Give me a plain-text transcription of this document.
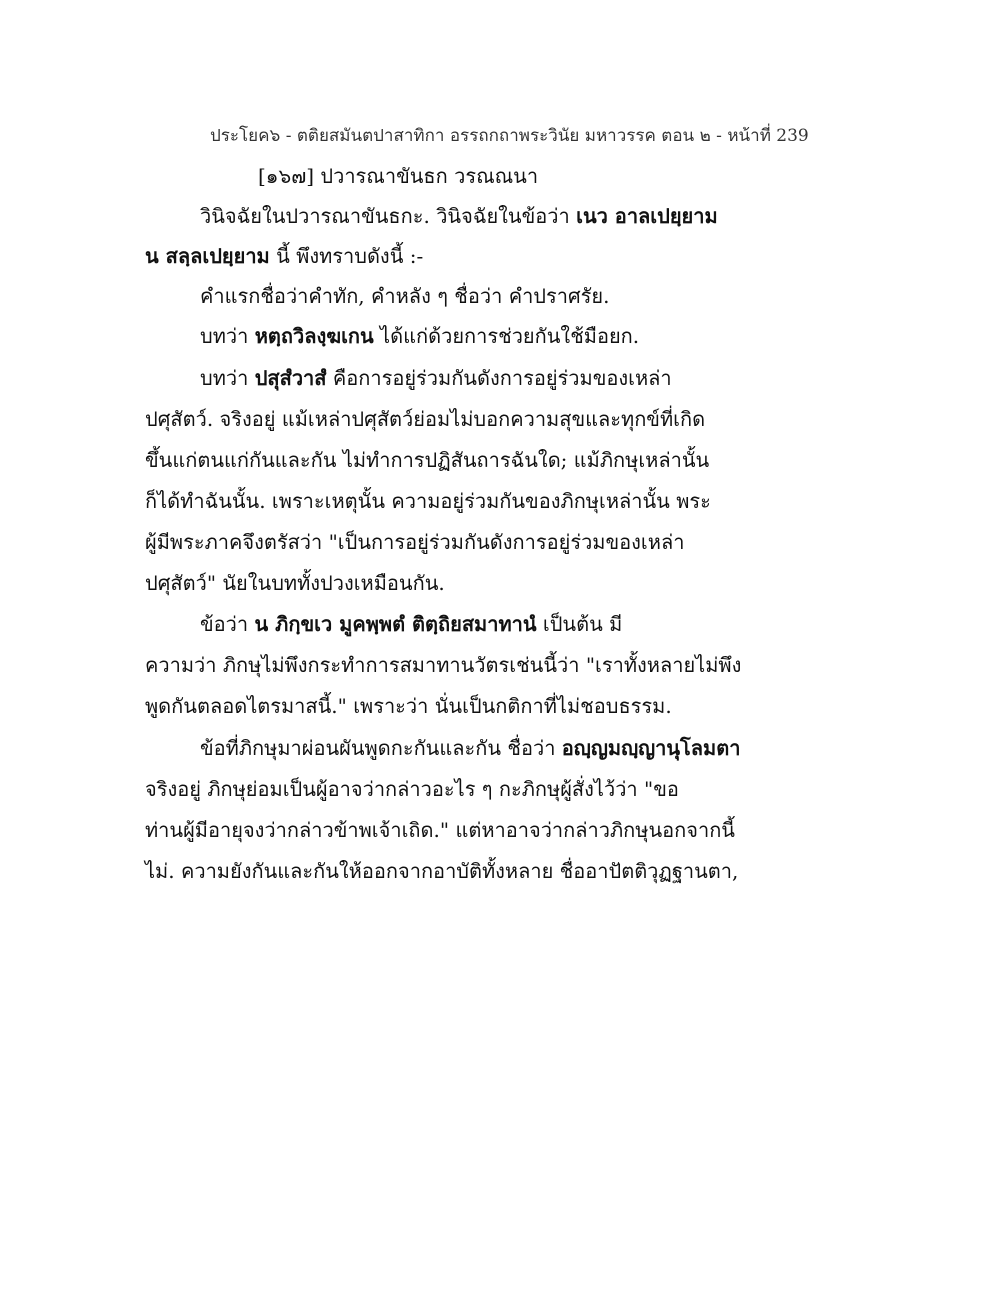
ประโยค๖ - ตติยสมันตปาสาทิกา อรรถกถาพระวินัย มหาวรรค ตอน ๒ - หน้าที่ 239
[๑๖๗] ปวารณาขันธก วรณณนา
วินิจฉัยในปวารณาขันธกะ. วินิจฉัยในข้อว่า เนว อาลเปยฺยาม
น สลฺลเปยฺยาม นี้ พึงทราบดังนี้ :-
คำแรกชื่อว่าคำทัก, คำหลัง ๆ ชื่อว่า คำปราศรัย.
บทว่า หตฺถวิลงฺฆเกน ได้แก่ด้วยการช่วยกันใช้มือยก.
บทว่า ปสุสํวาสํ คือการอยู่ร่วมกันดังการอยู่ร่วมของเหล่า
ปศุสัตว์. จริงอยู่ แม้เหล่าปศุสัตว์ย่อมไม่บอกความสุขและทุกข์ที่เกิด
ขึ้นแก่ตนแก่กันและกัน ไม่ทำการปฏิสันถารฉันใด; แม้ภิกษุเหล่านั้น
ก็ได้ทำฉันนั้น. เพราะเหตุนั้น ความอยู่ร่วมกันของภิกษุเหล่านั้น พระ
ผู้มีพระภาคจึงตรัสว่า "เป็นการอยู่ร่วมกันดังการอยู่ร่วมของเหล่า
ปศุสัตว์" นัยในบททั้งปวงเหมือนกัน.
ข้อว่า น ภิกฺขเว มูคพฺพตํ ติตฺถิยสมาทานํ เป็นต้น มี
ความว่า ภิกษุไม่พึงกระทำการสมาทานวัตรเช่นนี้ว่า "เราทั้งหลายไม่พึง
พูดกันตลอดไตรมาสนี้." เพราะว่า นั่นเป็นกติกาที่ไม่ชอบธรรม.
ข้อที่ภิกษุมาผ่อนผันพูดกะกันและกัน ชื่อว่า อญฺญมญฺญานุโลมตา
จริงอยู่ ภิกษุย่อมเป็นผู้อาจว่ากล่าวอะไร ๆ กะภิกษุผู้สั่งไว้ว่า "ขอ
ท่านผู้มีอายุจงว่ากล่าวข้าพเจ้าเถิด." แต่หาอาจว่ากล่าวภิกษุนอกจากนี้
ไม่. ความยังกันและกันให้ออกจากอาบัติทั้งหลาย ชื่ออาปัตติวุฏฐานตา,
